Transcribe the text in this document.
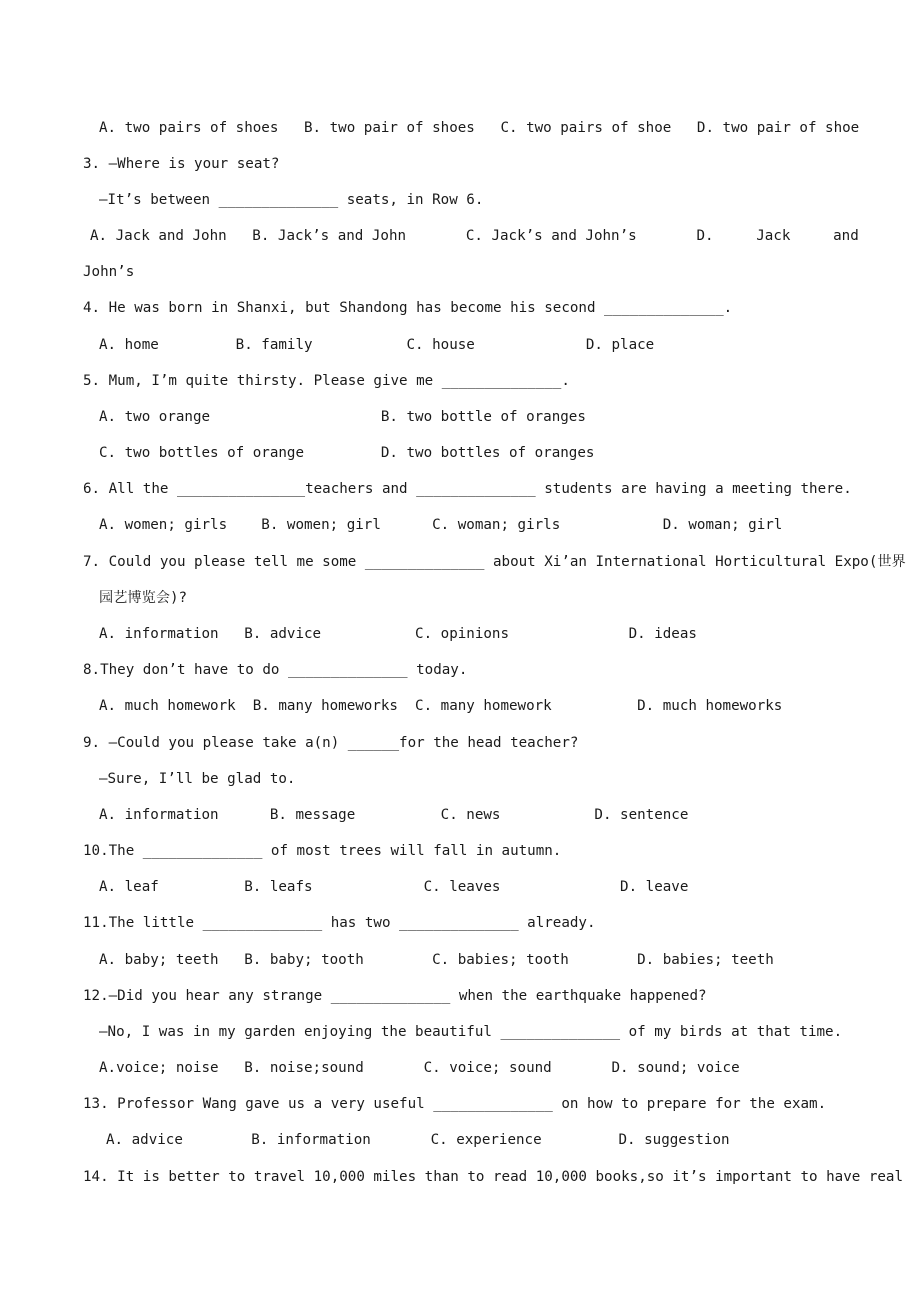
A. two pairs of shoes   B. two pair of shoes   C. two pairs of shoe   D. two pair of shoe
3. —Where is your seat?
—It’s between ______________ seats, in Row 6.
A. Jack and John   B. Jack’s and John       C. Jack’s and John’s       D.     Jack     and
John’s
4. He was born in Shanxi, but Shandong has become his second ______________.
A. home         B. family           C. house             D. place
5. Mum, I’m quite thirsty. Please give me ______________.
A. two orange                    B. two bottle of oranges
C. two bottles of orange         D. two bottles of oranges
6. All the _______________teachers and ______________ students are having a meeting there.
A. women; girls    B. women; girl      C. woman; girls            D. woman; girl
7. Could you please tell me some ______________ about Xi’an International Horticultural Expo(世界
园艺博览会)?
A. information   B. advice           C. opinions              D. ideas
8.They don’t have to do ______________ today.
A. much homework  B. many homeworks  C. many homework          D. much homeworks
9. —Could you please take a(n) ______for the head teacher?
—Sure, I’ll be glad to.
A. information      B. message          C. news           D. sentence
10.The ______________ of most trees will fall in autumn.
A. leaf          B. leafs             C. leaves              D. leave
11.The little ______________ has two ______________ already.
A. baby; teeth   B. baby; tooth        C. babies; tooth        D. babies; teeth
12.—Did you hear any strange ______________ when the earthquake happened?
—No, I was in my garden enjoying the beautiful ______________ of my birds at that time.
A.voice; noise   B. noise;sound       C. voice; sound       D. sound; voice
13. Professor Wang gave us a very useful ______________ on how to prepare for the exam.
A. advice        B. information       C. experience         D. suggestion
14. It is better to travel 10,000 miles than to read 10,000 books,so it’s important to have real
